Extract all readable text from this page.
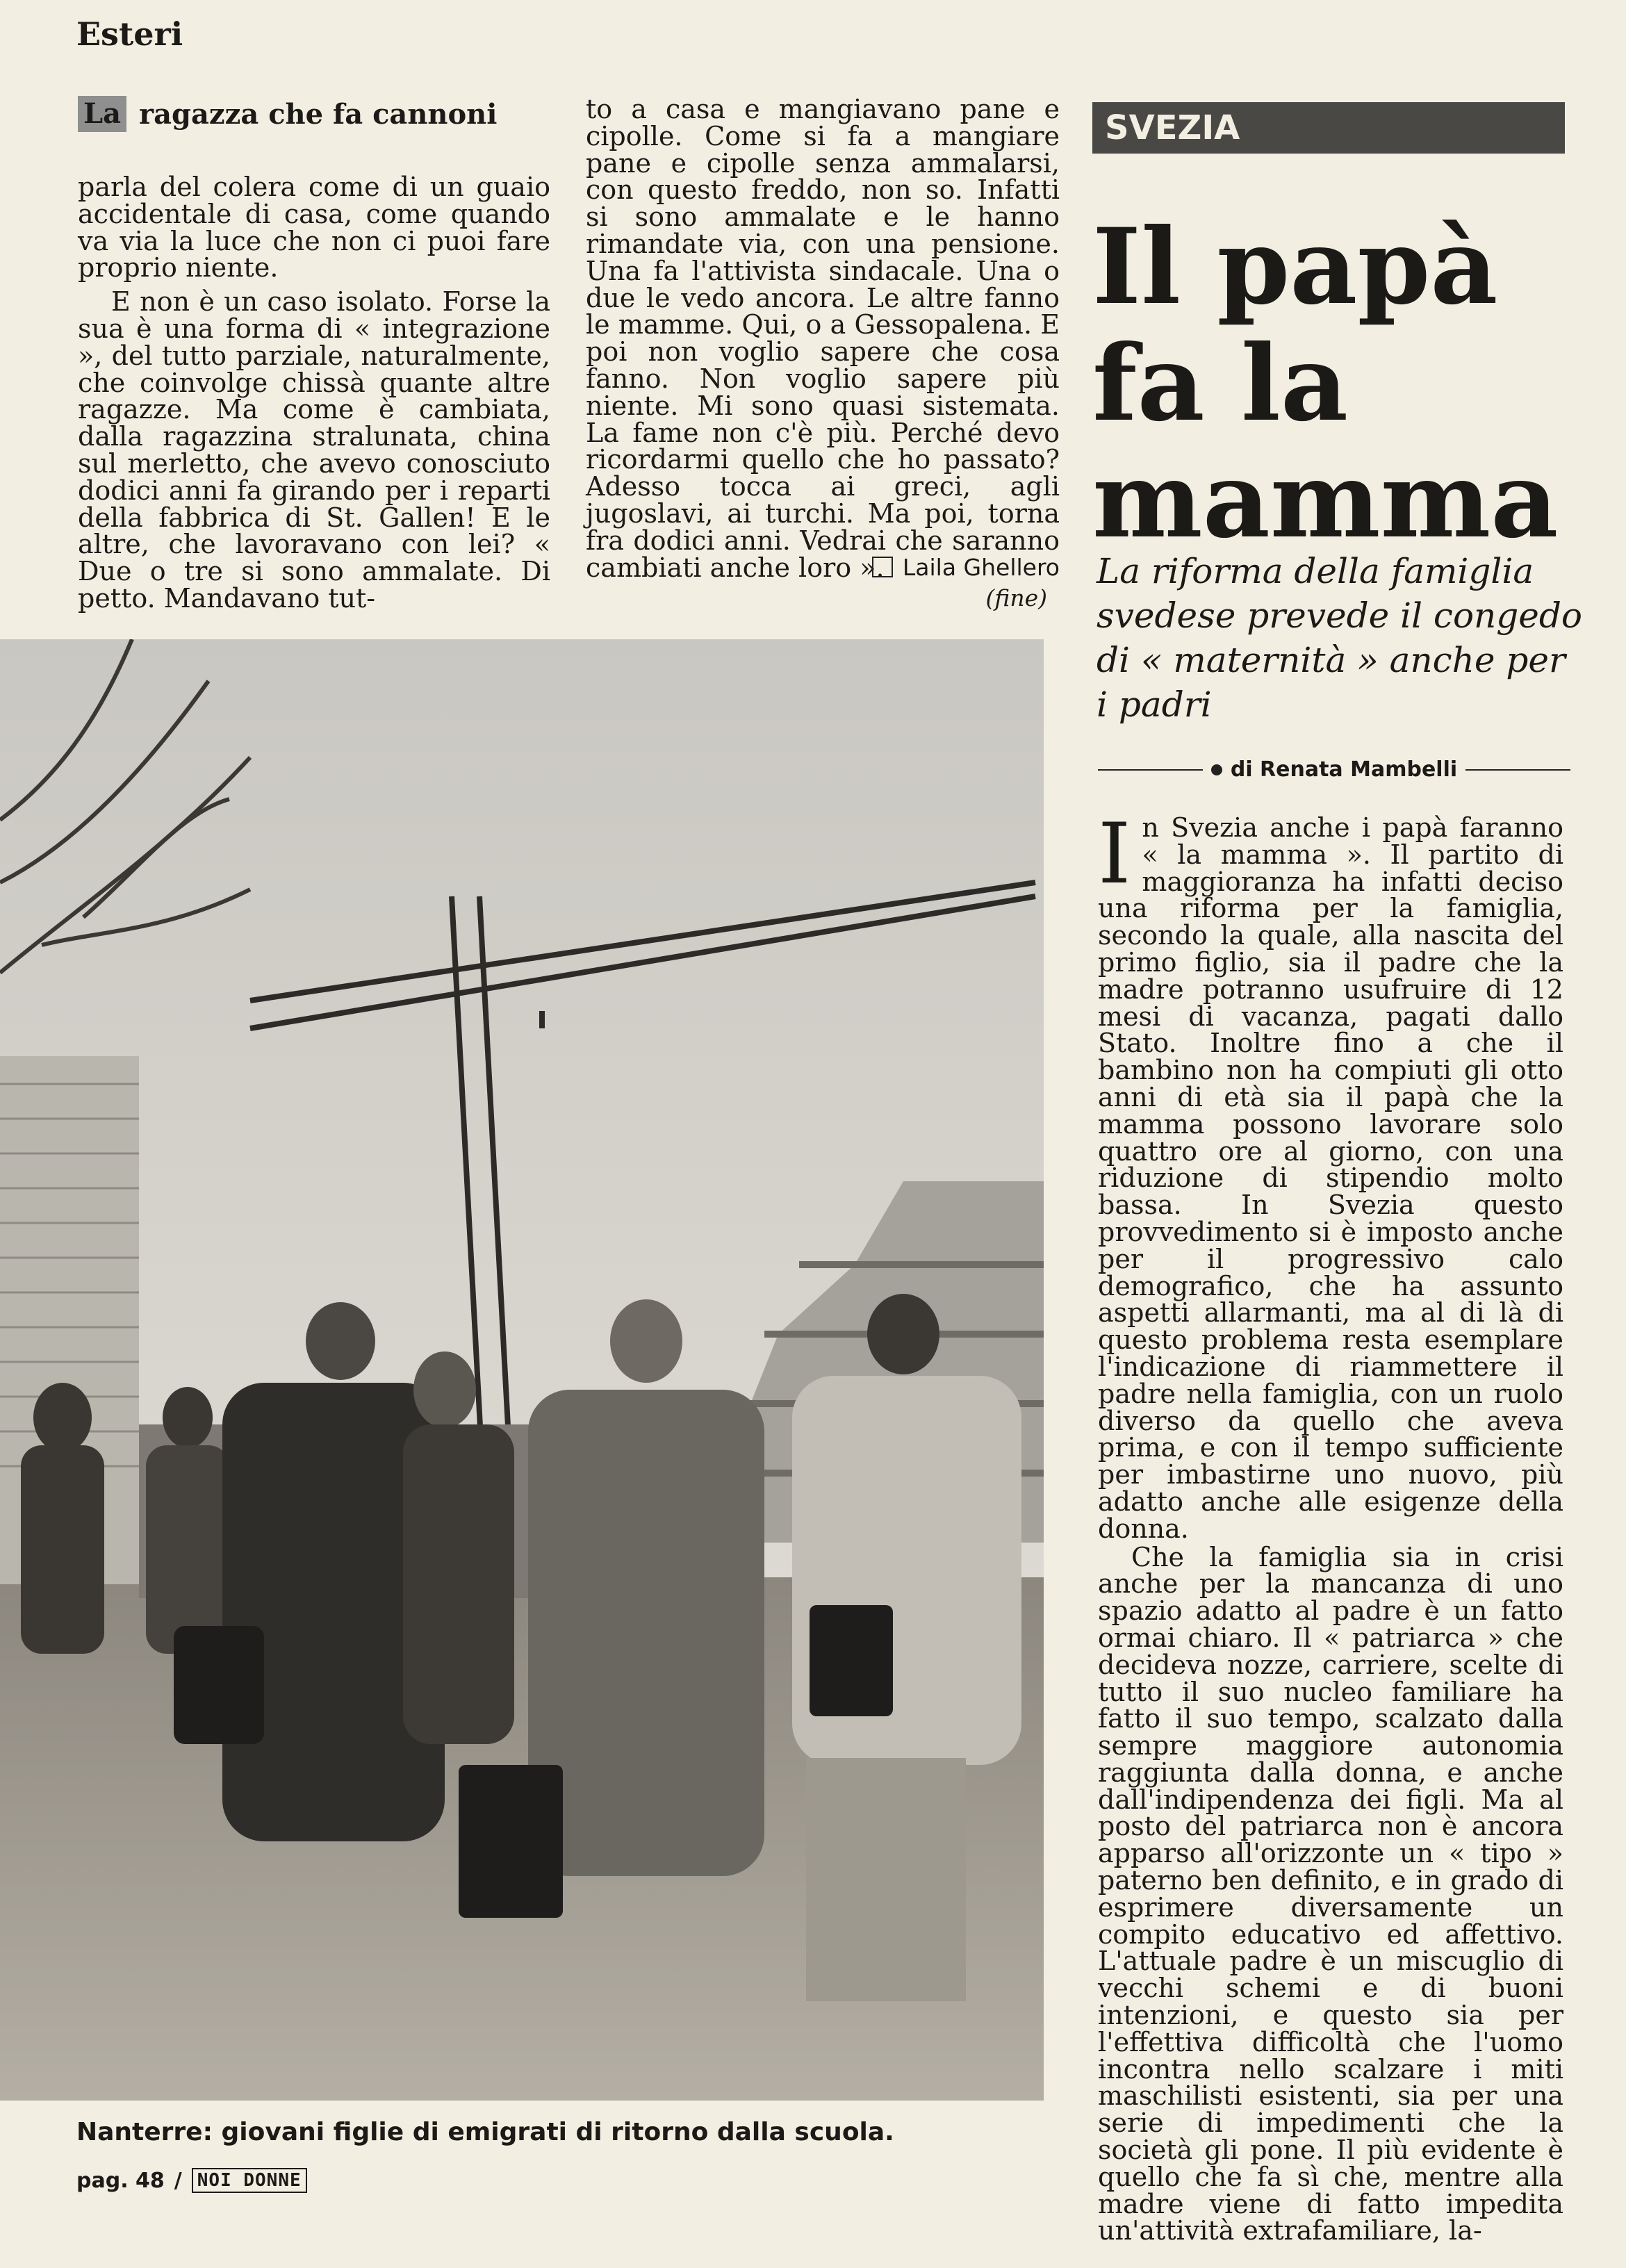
Esteri
La ragazza che fa cannoni

parla del colera come di un guaio accidentale di casa, come quando va via la luce che non ci puoi fare proprio niente.

E non è un caso isolato. Forse la sua è una forma di « integrazione », del tutto parziale, naturalmente, che coinvolge chissà quante altre ragazze. Ma come è cambiata, dalla ragazzina stralunata, china sul merletto, che avevo conosciuto dodici anni fa girando per i reparti della fabbrica di St. Gallen! E le altre, che lavoravano con lei? « Due o tre si sono ammalate. Di petto. Mandavano tut-

to a casa e mangiavano pane e cipolle. Come si fa a mangiare pane e cipolle senza ammalarsi, con questo freddo, non so. Infatti si sono ammalate e le hanno rimandate via, con una pensione. Una fa l'attivista sindacale. Una o due le vedo ancora. Le altre fanno le mamme. Qui, o a Gessopalena. E poi non voglio sapere che cosa fanno. Non voglio sapere più niente. Mi sono quasi sistemata. La fame non c'è più. Perché devo ricordarmi quello che ho passato? Adesso tocca ai greci, agli jugoslavi, ai turchi. Ma poi, torna fra dodici anni. Vedrai che saranno cambiati anche loro ». Laila Ghellero
(fine)
SVEZIA
Il papà
fa la
mamma
La riforma della famiglia svedese prevede il congedo di « maternità » anche per i padri
di Renata Mambelli

I n Svezia anche i papà faranno « la mamma ». Il partito di maggioranza ha infatti deciso una riforma per la famiglia, secondo la quale, alla nascita del primo figlio, sia il padre che la madre potranno usufruire di 12 mesi di vacanza, pagati dallo Stato. Inoltre fino a che il bambino non ha compiuti gli otto anni di età sia il papà che la mamma possono lavorare solo quattro ore al giorno, con una riduzione di stipendio molto bassa. In Svezia questo provvedimento si è imposto anche per il progressivo calo demografico, che ha assunto aspetti allarmanti, ma al di là di questo problema resta esemplare l'indicazione di riammettere il padre nella famiglia, con un ruolo diverso da quello che aveva prima, e con il tempo sufficiente per imbastirne uno nuovo, più adatto anche alle esigenze della donna.

Che la famiglia sia in crisi anche per la mancanza di uno spazio adatto al padre è un fatto ormai chiaro. Il « patriarca » che decideva nozze, carriere, scelte di tutto il suo nucleo familiare ha fatto il suo tempo, scalzato dalla sempre maggiore autonomia raggiunta dalla donna, e anche dall'indipendenza dei figli. Ma al posto del patriarca non è ancora apparso all'orizzonte un « tipo » paterno ben definito, e in grado di esprimere diversamente un compito educativo ed affettivo. L'attuale padre è un miscuglio di vecchi schemi e di buoni intenzioni, e questo sia per l'effettiva difficoltà che l'uomo incontra nello scalzare i miti maschilisti esistenti, sia per una serie di impedimenti che la società gli pone. Il più evidente è quello che fa sì che, mentre alla madre viene di fatto impedita un'attività extrafamiliare, la-

Nanterre: giovani figlie di emigrati di ritorno dalla scuola.
pag. 48 / NOI DONNE
